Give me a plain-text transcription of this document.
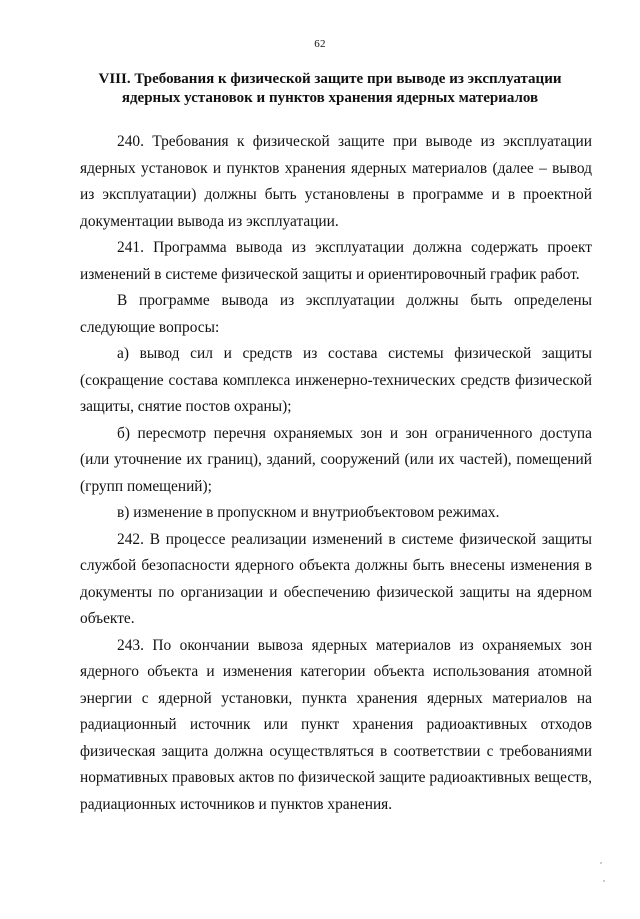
62
VIII. Требования к физической защите при выводе из эксплуатации
ядерных установок и пунктов хранения ядерных материалов

240. Требования к физической защите при выводе из эксплуатации ядерных установок и пунктов хранения ядерных материалов (далее – вывод из эксплуатации) должны быть установлены в программе и в проектной документации вывода из эксплуатации.

241. Программа вывода из эксплуатации должна содержать проект изменений в системе физической защиты и ориентировочный график работ.

В программе вывода из эксплуатации должны быть определены следующие вопросы:

а) вывод сил и средств из состава системы физической защиты (сокращение состава комплекса инженерно-технических средств физической защиты, снятие постов охраны);

б) пересмотр перечня охраняемых зон и зон ограниченного доступа (или уточнение их границ), зданий, сооружений (или их частей), помещений (групп помещений);

в) изменение в пропускном и внутриобъектовом режимах.

242. В процессе реализации изменений в системе физической защиты службой безопасности ядерного объекта должны быть внесены изменения в документы по организации и обеспечению физической защиты на ядерном объекте.

243. По окончании вывоза ядерных материалов из охраняемых зон ядерного объекта и изменения категории объекта использования атомной энергии с ядерной установки, пункта хранения ядерных материалов на радиационный источник или пункт хранения радиоактивных отходов физическая защита должна осуществляться в соответствии с требованиями нормативных правовых актов по физической защите радиоактивных веществ, радиационных источников и пунктов хранения.
